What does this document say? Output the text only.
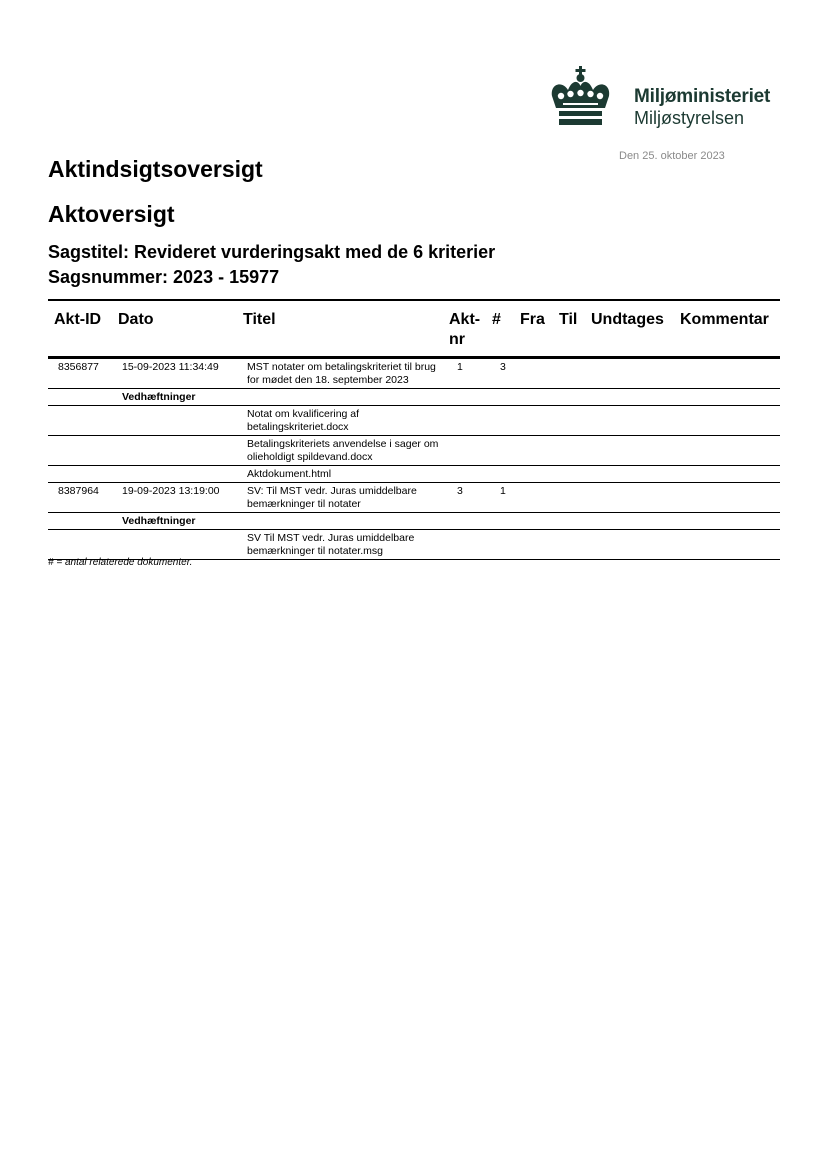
Miljøministeriet
Miljøstyrelsen
Den 25. oktober 2023
Aktindsigtsoversigt
Aktoversigt
Sagstitel: Revideret vurderingsakt med de 6 kriterier
Sagsnummer: 2023 - 15977
Akt-ID	Dato	Titel	Akt-nr	#	Fra	Til	Undtages	Kommentar
8356877	15-09-2023 11:34:49	MST notater om betalingskriteriet til brug for mødet den 18. september 2023	1	3				
	Vedhæftninger							
		Notat om kvalificering af betalingskriteriet.docx						
		Betalingskriteriets anvendelse i sager om olieholdigt spildevand.docx						
		Aktdokument.html						
8387964	19-09-2023 13:19:00	SV: Til MST vedr. Juras umiddelbare bemærkninger til notater	3	1				
	Vedhæftninger							
		SV Til MST vedr. Juras umiddelbare bemærkninger til notater.msg						
# = antal relaterede dokumenter.
